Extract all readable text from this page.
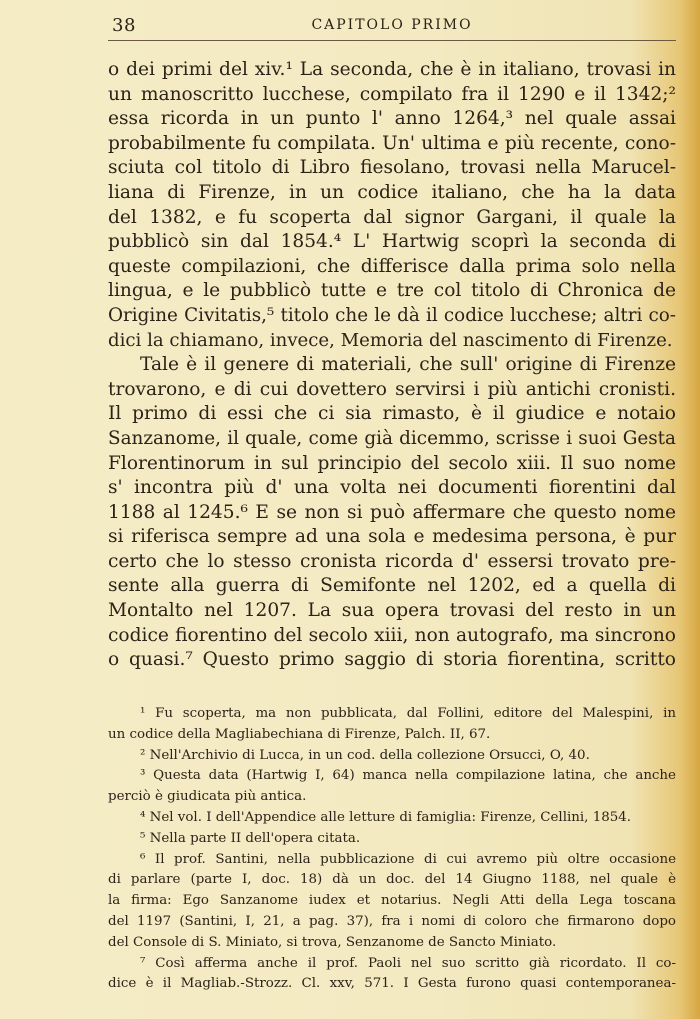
38	CAPITOLO PRIMO
o dei primi del xiv.¹ La seconda, che è in italiano, trovasi in
un manoscritto lucchese, compilato fra il 1290 e il 1342;²
essa ricorda in un punto l' anno 1264,³ nel quale assai
probabilmente fu compilata. Un' ultima e più recente, cono-
sciuta col titolo di Libro fiesolano, trovasi nella Marucel-
liana di Firenze, in un codice italiano, che ha la data
del 1382, e fu scoperta dal signor Gargani, il quale la
pubblicò sin dal 1854.⁴ L' Hartwig scoprì la seconda di
queste compilazioni, che differisce dalla prima solo nella
lingua, e le pubblicò tutte e tre col titolo di Chronica de
Origine Civitatis,⁵ titolo che le dà il codice lucchese; altri co-
dici la chiamano, invece, Memoria del nascimento di Firenze.
Tale è il genere di materiali, che sull' origine di Firenze
trovarono, e di cui dovettero servirsi i più antichi cronisti.
Il primo di essi che ci sia rimasto, è il giudice e notaio
Sanzanome, il quale, come già dicemmo, scrisse i suoi Gesta
Florentinorum in sul principio del secolo xiii. Il suo nome
s' incontra più d' una volta nei documenti fiorentini dal
1188 al 1245.⁶ E se non si può affermare che questo nome
si riferisca sempre ad una sola e medesima persona, è pur
certo che lo stesso cronista ricorda d' essersi trovato pre-
sente alla guerra di Semifonte nel 1202, ed a quella di
Montalto nel 1207. La sua opera trovasi del resto in un
codice fiorentino del secolo xiii, non autografo, ma sincrono
o quasi.⁷ Questo primo saggio di storia fiorentina, scritto
¹ Fu scoperta, ma non pubblicata, dal Follini, editore del Malespini, in
un codice della Magliabechiana di Firenze, Palch. II, 67.
² Nell'Archivio di Lucca, in un cod. della collezione Orsucci, O, 40.
³ Questa data (Hartwig I, 64) manca nella compilazione latina, che anche
perciò è giudicata più antica.
⁴ Nel vol. I dell'Appendice alle letture di famiglia: Firenze, Cellini, 1854.
⁵ Nella parte II dell'opera citata.
⁶ Il prof. Santini, nella pubblicazione di cui avremo più oltre occasione
di parlare (parte I, doc. 18) dà un doc. del 14 Giugno 1188, nel quale è
la firma: Ego Sanzanome iudex et notarius. Negli Atti della Lega toscana
del 1197 (Santini, I, 21, a pag. 37), fra i nomi di coloro che firmarono dopo
del Console di S. Miniato, si trova, Senzanome de Sancto Miniato.
⁷ Così afferma anche il prof. Paoli nel suo scritto già ricordato. Il co-
dice è il Magliab.-Strozz. Cl. xxv, 571. I Gesta furono quasi contemporanea-
